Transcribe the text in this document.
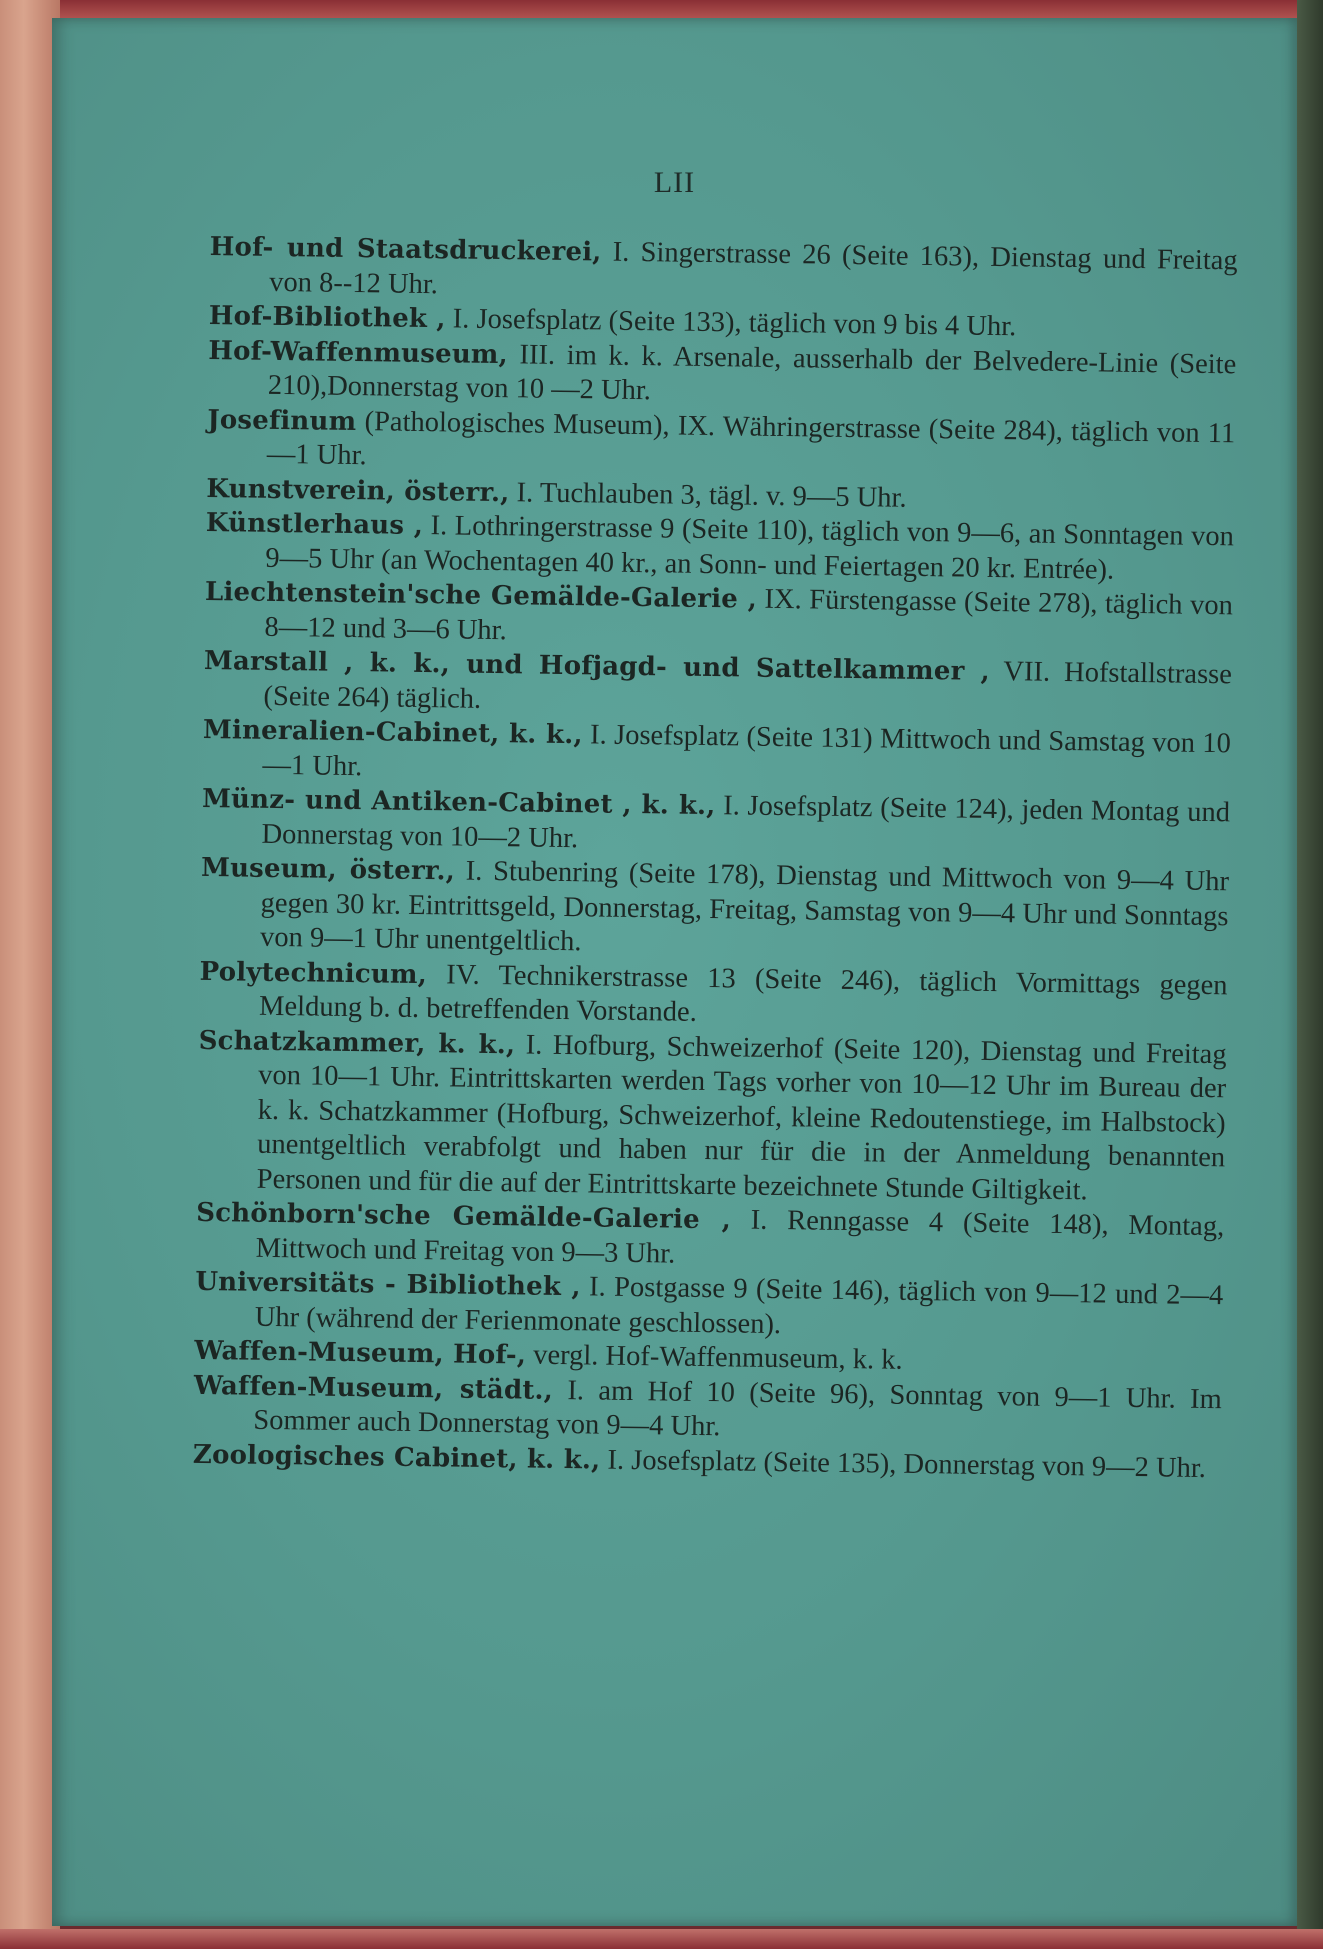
LII

Hof- und Staatsdruckerei, I. Singerstrasse 26 (Seite 163), Dienstag und Freitag von 8--12 Uhr.

Hof-Bibliothek , I. Josefsplatz (Seite 133), täglich von 9 bis 4 Uhr.

Hof-Waffenmuseum, III. im k. k. Arsenale, ausserhalb der Belvedere-Linie (Seite 210),Donnerstag von 10 —2 Uhr.

Josefinum (Pathologisches Museum), IX. Währingerstrasse (Seite 284), täglich von 11—1 Uhr.

Kunstverein, österr., I. Tuchlauben 3, tägl. v. 9—5 Uhr.

Künstlerhaus , I. Lothringerstrasse 9 (Seite 110), täglich von 9—6, an Sonntagen von 9—5 Uhr (an Wochentagen 40 kr., an Sonn- und Feiertagen 20 kr. Entrée).

Liechtenstein'sche Gemälde-Galerie , IX. Fürstengasse (Seite 278), täglich von 8—12 und 3—6 Uhr.

Marstall , k. k., und Hofjagd- und Sattelkammer , VII. Hofstallstrasse (Seite 264) täglich.

Mineralien-Cabinet, k. k., I. Josefsplatz (Seite 131) Mittwoch und Samstag von 10—1 Uhr.

Münz- und Antiken-Cabinet , k. k., I. Josefsplatz (Seite 124), jeden Montag und Donnerstag von 10—2 Uhr.

Museum, österr., I. Stubenring (Seite 178), Dienstag und Mittwoch von 9—4 Uhr gegen 30 kr. Eintrittsgeld, Donnerstag, Freitag, Samstag von 9—4 Uhr und Sonntags von 9—1 Uhr unentgeltlich.

Polytechnicum, IV. Technikerstrasse 13 (Seite 246), täglich Vormittags gegen Meldung b. d. betreffenden Vorstande.

Schatzkammer, k. k., I. Hofburg, Schweizerhof (Seite 120), Dienstag und Freitag von 10—1 Uhr. Eintrittskarten werden Tags vorher von 10—12 Uhr im Bureau der k. k. Schatzkammer (Hofburg, Schweizerhof, kleine Redoutenstiege, im Halbstock) unentgeltlich verabfolgt und haben nur für die in der Anmeldung benannten Personen und für die auf der Eintrittskarte bezeichnete Stunde Giltigkeit.

Schönborn'sche Gemälde-Galerie , I. Renngasse 4 (Seite 148), Montag, Mittwoch und Freitag von 9—3 Uhr.

Universitäts - Bibliothek , I. Postgasse 9 (Seite 146), täglich von 9—12 und 2—4 Uhr (während der Ferienmonate geschlossen).

Waffen-Museum, Hof-, vergl. Hof-Waffenmuseum, k. k.

Waffen-Museum, städt., I. am Hof 10 (Seite 96), Sonntag von 9—1 Uhr. Im Sommer auch Donnerstag von 9—4 Uhr.

Zoologisches Cabinet, k. k., I. Josefsplatz (Seite 135), Donnerstag von 9—2 Uhr.
